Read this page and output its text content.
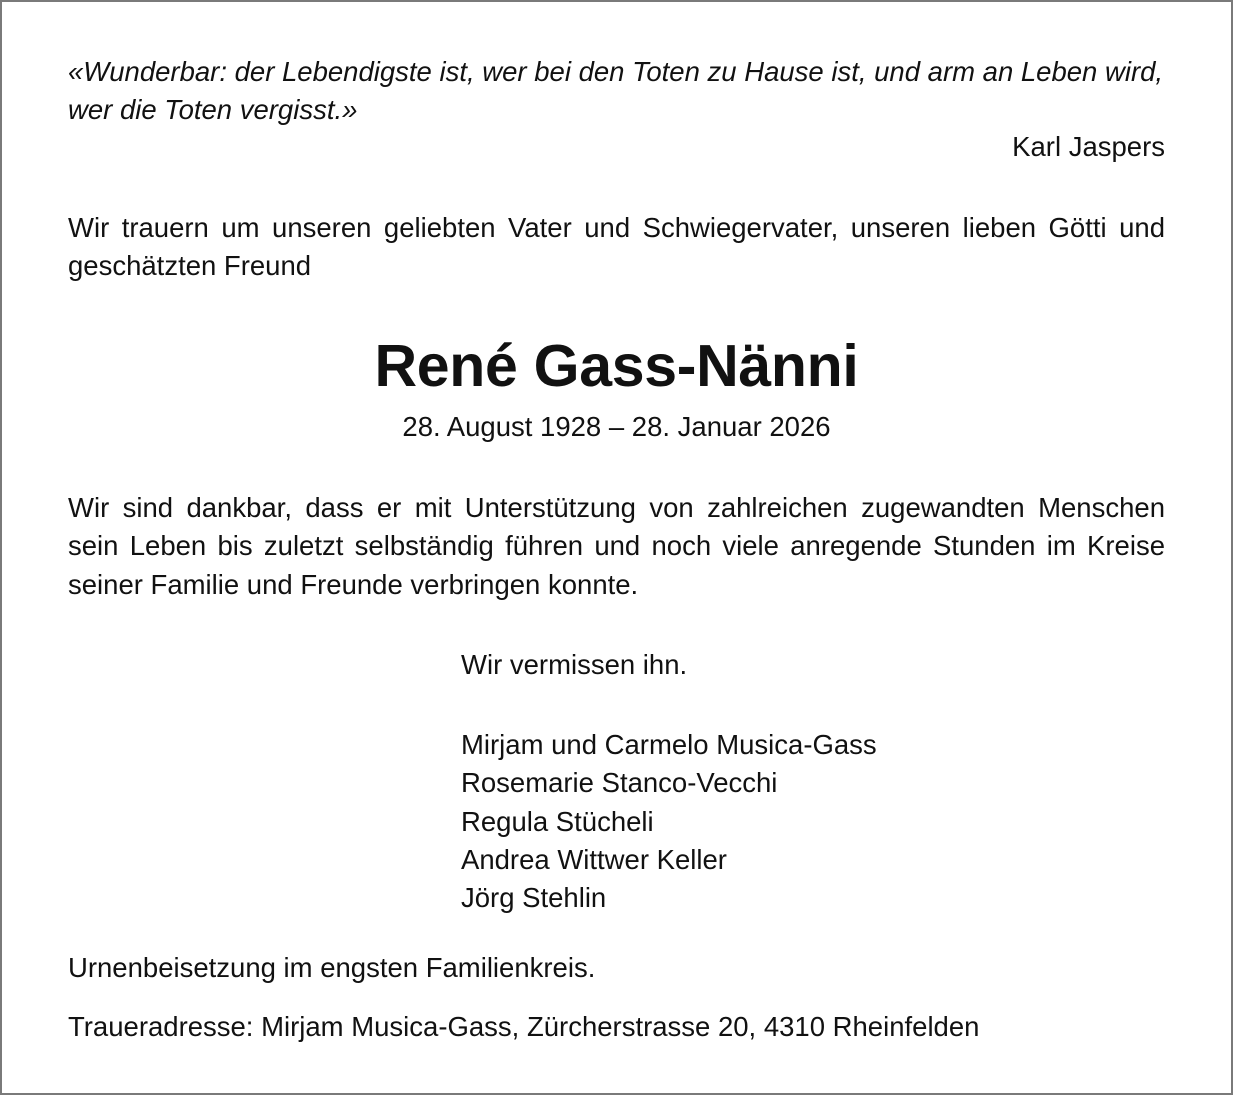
«Wunderbar: der Lebendigste ist, wer bei den Toten zu Hause ist, und arm an Leben wird, wer die Toten vergisst.»

Karl Jaspers

Wir trauern um unseren geliebten Vater und Schwiegervater, unseren lieben Götti und geschätzten Freund

René Gass-Nänni

28. August 1928 – 28. Januar 2026

Wir sind dankbar, dass er mit Unterstützung von zahlreichen zugewandten Menschen sein Leben bis zuletzt selbständig führen und noch viele anregende Stunden im Kreise seiner Familie und Freunde verbringen konnte.

Wir vermissen ihn.

Mirjam und Carmelo Musica-Gass
Rosemarie Stanco-Vecchi
Regula Stücheli
Andrea Wittwer Keller
Jörg Stehlin

Urnenbeisetzung im engsten Familienkreis.

Traueradresse: Mirjam Musica-Gass, Zürcherstrasse 20, 4310 Rheinfelden
